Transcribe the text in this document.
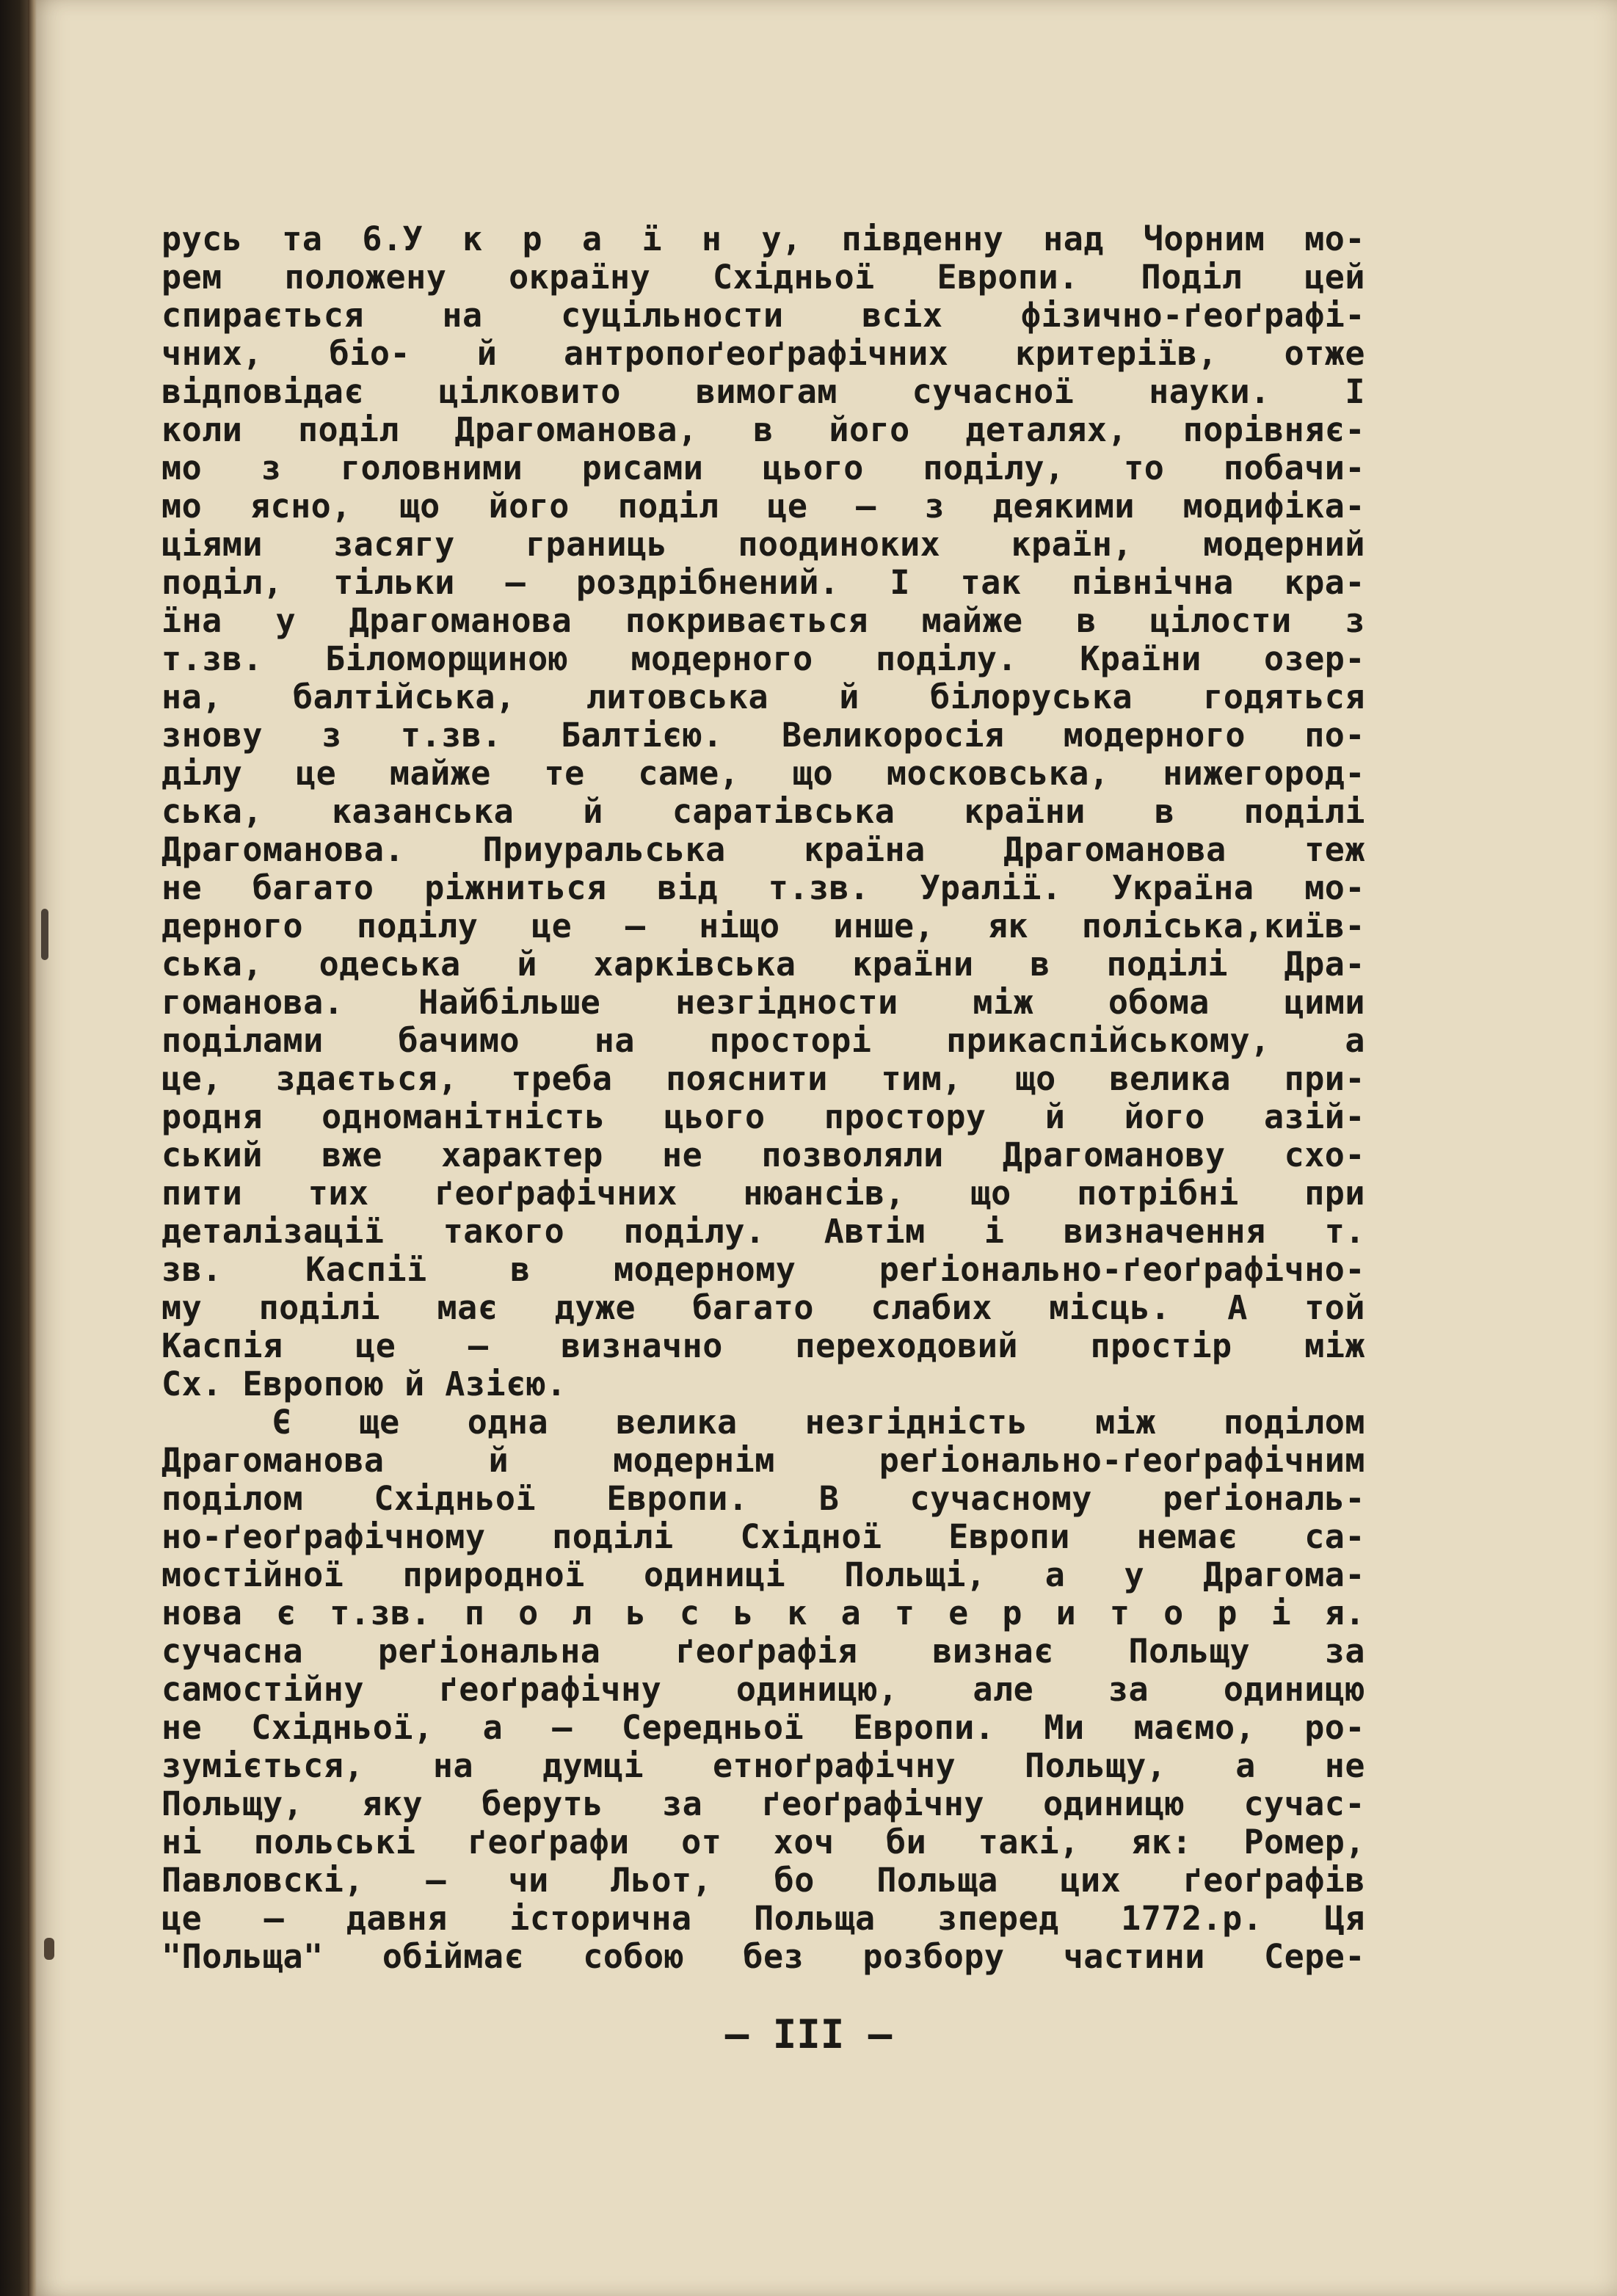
русь та 6.У к р а ї н у, південну над Чорним мо-
рем положену окраїну Східньої Европи. Поділ цей
спирається на суцільности всіх фізично-ґеоґрафі-
чних, біо- й антропоґеоґрафічних критеріїв, отже
відповідає цілковито вимогам сучасної науки. І
коли поділ Драгоманова, в його деталях, порівняє-
мо з головними рисами цього поділу, то побачи-
мо ясно, що його поділ це – з деякими модифіка-
ціями засягу границь поодиноких країн, модерний
поділ, тільки – роздрібнений. І так північна кра-
їна у Драгоманова покривається майже в цілости з
т.зв. Біломорщиною модерного поділу. Країни озер-
на, балтійська, литовська й білоруська годяться
знову з т.зв. Балтією. Великоросія модерного по-
ділу це майже те саме, що московська, нижегород-
ська, казанська й саратівська країни в поділі
Драгоманова. Приуральська країна Драгоманова теж
не багато ріжниться від т.зв. Уралії. Україна мо-
дерного поділу це – ніщо инше, як поліська,київ-
ська, одеська й харківська країни в поділі Дра-
гоманова. Найбільше незгідности між обома цими
поділами бачимо на просторі прикаспійському, а
це, здається, треба пояснити тим, що велика при-
родня одноманітність цього простору й його азій-
ський вже характер не позволяли Драгоманову схо-
пити тих ґеоґрафічних нюансів, що потрібні при
деталізації такого поділу. Автім і визначення т.
зв. Каспії в модерному реґіонально-ґеоґрафічно-
му поділі має дуже багато слабих місць. А той
Каспія це – визначно переходовий простір між
Сх. Европою й Азією.
Є ще одна велика незгідність між поділом
Драгоманова й модернім реґіонально-ґеоґрафічним
поділом Східньої Европи. В сучасному реґіональ-
но-ґеоґрафічному поділі Східної Европи немає са-
мостійної природної одиниці Польщі, а у Драгома-
нова є т.зв. п о л ь с ь к а т е р и т о р і я.
сучасна реґіональна ґеоґрафія визнає Польщу за
самостійну ґеоґрафічну одиницю, але за одиницю
не Східньої, а – Середньої Европи. Ми маємо, ро-
зуміється, на думці етноґрафічну Польщу, а не
Польщу, яку беруть за ґеоґрафічну одиницю сучас-
ні польські ґеоґрафи от хоч би такі, як: Ромер,
Павловскі, – чи Льот, бо Польща цих ґеоґрафів
це – давня історична Польща зперед 1772.р. Ця
"Польща" обіймає собою без розбору частини Сере-
– III –
